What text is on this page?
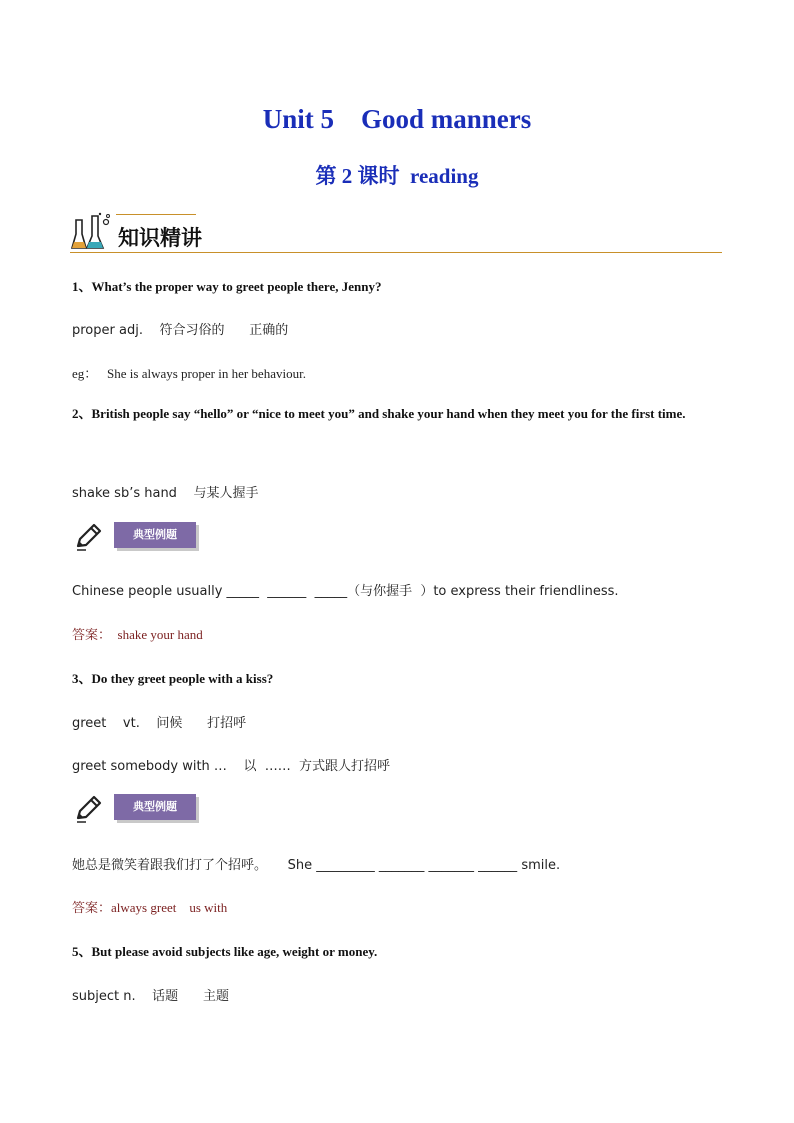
Unit 5    Good manners
第 2 课时  reading
知识精讲
1、What’s the proper way to greet people there, Jenny?
proper adj.    符合习俗的      正确的
eg：   She is always proper in her behaviour.
2、British people say “hello” or “nice to meet you” and shake your hand when they meet you for the first time.
shake sb’s hand    与某人握手
典型例题
Chinese people usually _____  ______  _____（与你握手  ）to express their friendliness.
答案：  shake your hand
3、Do they greet people with a kiss?
greet    vt.    问候      打招呼
greet somebody with …    以  ……  方式跟人打招呼
典型例题
她总是微笑着跟我们打了个招呼。     She _________ _______ _______ ______ smile.
答案：always greet    us with
5、But please avoid subjects like age, weight or money.
subject n.    话题      主题
